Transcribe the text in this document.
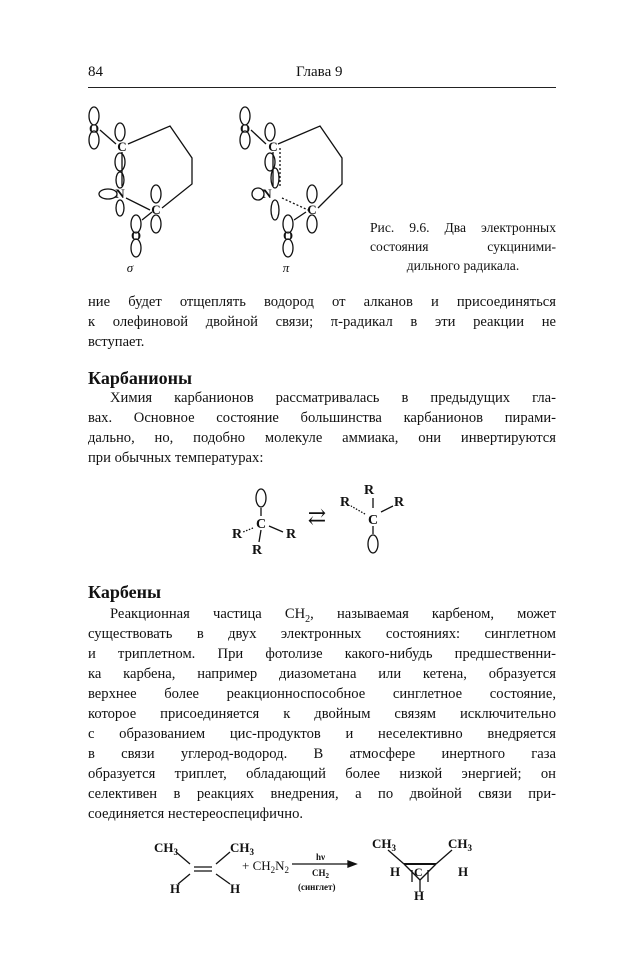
84	Глава 9
O
C
N
C
O
O
C
N
C
O
σ	π
Рис. 9.6. Два электронных
состояния сукциними-
дильного радикала.
ние будет отщеплять водород от алканов и присоединяться
к олефиновой двойной связи; π-радикал в эти реакции не
вступает.
Карбанионы
Химия карбанионов рассматривалась в предыдущих гла-
вах. Основное состояние большинства карбанионов пирами-
дально, но, подобно молекуле аммиака, они инвертируются
при обычных температурах:
C
R	R
R
⇄	C
R
R
R
Карбены
Реакционная частица $CH_2$, называемая карбеном, может
существовать в двух электронных состояниях: синглетном
и триплетном. При фотолизе какого-нибудь предшественни-
ка карбена, например диазометана или кетена, образуется
верхнее более реакционноспособное синглетное состояние,
которое присоединяется к двойным связям исключительно
с образованием цис-продуктов и неселективно внедряется
в связи углерод-водород. В атмосфере инертного газа
образуется триплет, обладающий более низкой энергией; он
селективен в реакциях внедрения, а по двойной связи при-
соединяется нестереоспецифично.
$CH_3$	$CH_3$
H	H
+ $CH_2N_2$
hν
$CH_2$
(синглет)
$CH_3$	$CH_3$
H C	H
H
